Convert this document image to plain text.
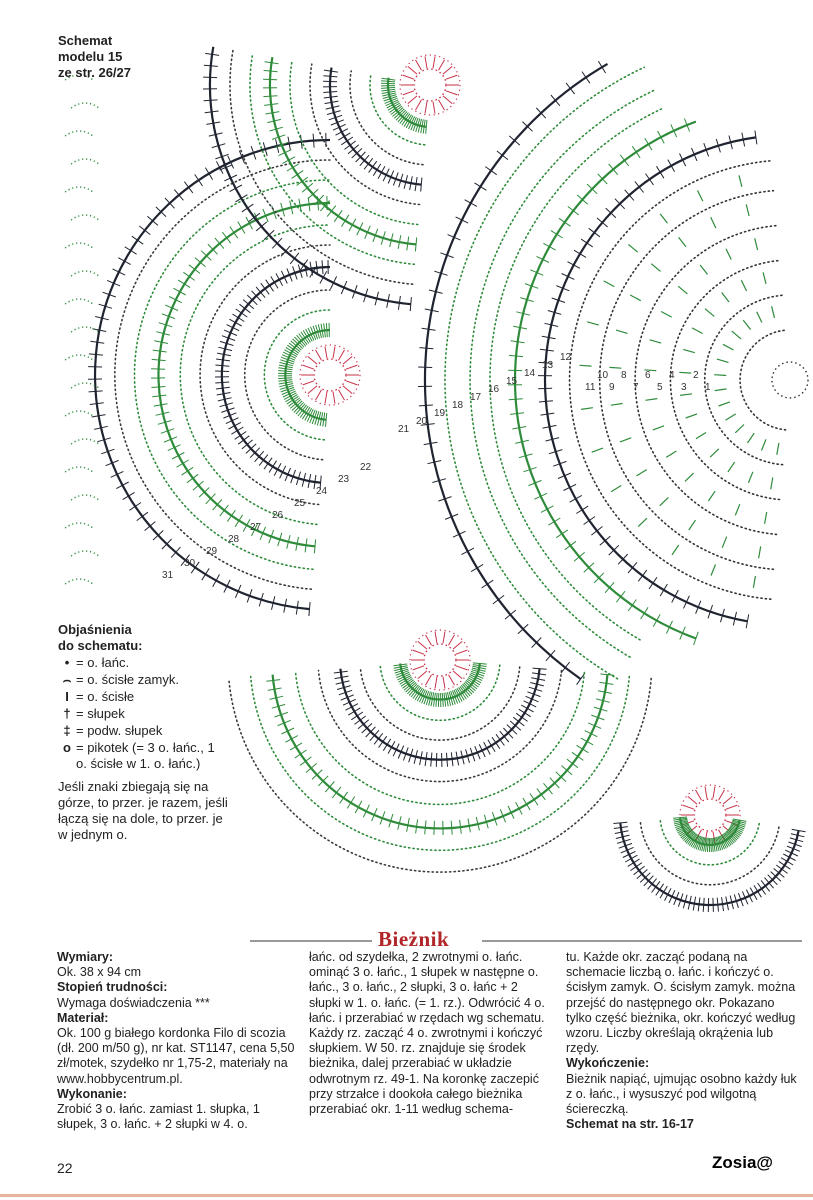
1
2
3
4
5
6
7
8
9
10
11
12
13
14
15
16
17
18
19
20
21
22
23
24
25
26
27
28
29
30
31
Schemat
modelu 15
ze str. 26/27
Objaśnienia
do schematu:
• = o. łańc.
⌢ = o. ścisłe zamyk.
I = o. ścisłe
† = słupek
‡ = podw. słupek
o = pikotek (= 3 o. łańc., 1 o. ścisłe w 1. o. łańc.)
Jeśli znaki zbiegają się na górze, to przer. je razem, jeśli łączą się na dole, to przer. je w jednym o.
Bieżnik
Wymiary:
Ok. 38 x 94 cm
Stopień trudności:
Wymaga doświadczenia ***
Materiał:
Ok. 100 g białego kordonka Filo di scozia (dł. 200 m/50 g), nr kat. ST1147, cena 5,50 zł/motek, szydełko nr 1,75-2, materiały na www.hobbycentrum.pl.
Wykonanie:
Zrobić 3 o. łańc. zamiast 1. słupka, 1 słupek, 3 o. łańc. + 2 słupki w 4. o.
łańc. od szydełka, 2 zwrotnymi o. łańc. ominąć 3 o. łańc., 1 słupek w następne o. łańc., 3 o. łańc., 2 słupki, 3 o. łańc + 2 słupki w 1. o. łańc. (= 1. rz.). Odwrócić 4 o. łańc. i przerabiać w rzędach wg schematu. Każdy rz. zacząć 4 o. zwrotnymi i kończyć słupkiem. W 50. rz. znajduje się środek bieżnika, dalej przerabiać w układzie odwrotnym rz. 49-1. Na koronkę zaczepić przy strzałce i dookoła całego bieżnika przerabiać okr. 1-11 według schema-
tu. Każde okr. zacząć podaną na schemacie liczbą o. łańc. i kończyć o. ścisłym zamyk. O. ścisłym zamyk. można przejść do następnego okr. Pokazano tylko część bieżnika, okr. kończyć według wzoru. Liczby określają okrążenia lub rzędy.
Wykończenie:
Bieżnik napiąć, ujmując osobno każdy łuk z o. łańc., i wysuszyć pod wilgotną ściereczką.
Schemat na str. 16-17
22	Zosia@
